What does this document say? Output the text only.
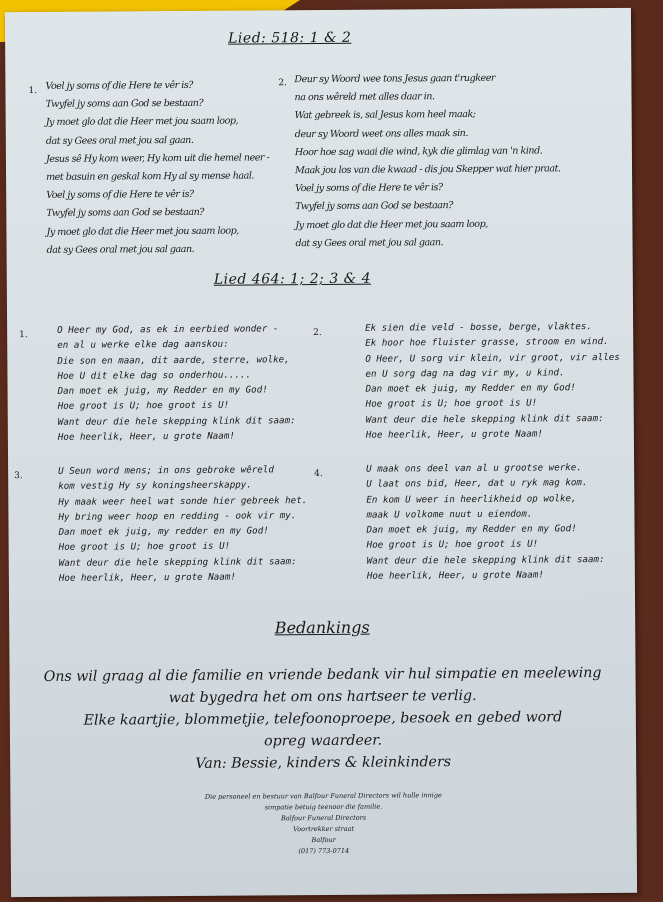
Lied: 518: 1 & 2
1. Voel jy soms of die Here te vêr is?
Twyfel jy soms aan God se bestaan?
Jy moet glo dat die Heer met jou saam loop,
dat sy Gees oral met jou sal gaan.
Jesus sê Hy kom weer, Hy kom uit die hemel neer -
met basuin en geskal kom Hy al sy mense haal.
Voel jy soms of die Here te vêr is?
Twyfel jy soms aan God se bestaan?
Jy moet glo dat die Heer met jou saam loop,
dat sy Gees oral met jou sal gaan.
2. Deur sy Woord wee tons Jesus gaan t'rugkeer
na ons wêreld met alles daar in.
Wat gebreek is, sal Jesus kom heel maak;
deur sy Woord weet ons alles maak sin.
Hoor hoe sag waai die wind, kyk die glimlag van 'n kind.
Maak jou los van die kwaad - dis jou Skepper wat hier praat.
Voel jy soms of die Here te vêr is?
Twyfel jy soms aan God se bestaan?
Jy moet glo dat die Heer met jou saam loop,
dat sy Gees oral met jou sal gaan.
Lied 464: 1; 2; 3 & 4
1.	O Heer my God, as ek in eerbied wonder -
en al u werke elke dag aanskou:
Die son en maan, dit aarde, sterre, wolke,
Hoe U dit elke dag so onderhou.....
Dan moet ek juig, my Redder en my God!
Hoe groot is U; hoe groot is U!
Want deur die hele skepping klink dit saam:
Hoe heerlik, Heer, u grote Naam!
2.	Ek sien die veld - bosse, berge, vlaktes.
Ek hoor hoe fluister grasse, stroom en wind.
O Heer, U sorg vir klein, vir groot, vir alles
en U sorg dag na dag vir my, u kind.
Dan moet ek juig, my Redder en my God!
Hoe groot is U; hoe groot is U!
Want deur die hele skepping klink dit saam:
Hoe heerlik, Heer, u grote Naam!
3.	U Seun word mens; in ons gebroke wêreld
kom vestig Hy sy koningsheerskappy.
Hy maak weer heel wat sonde hier gebreek het.
Hy bring weer hoop en redding - ook vir my.
Dan moet ek juig, my redder en my God!
Hoe groot is U; hoe groot is U!
Want deur die hele skepping klink dit saam:
Hoe heerlik, Heer, u grote Naam!
4.	U maak ons deel van al u grootse werke.
U laat ons bid, Heer, dat u ryk mag kom.
En kom U weer in heerlikheid op wolke,
maak U volkome nuut u eiendom.
Dan moet ek juig, my Redder en my God!
Hoe groot is U; hoe groot is U!
Want deur die hele skepping klink dit saam:
Hoe heerlik, Heer, u grote Naam!
Bedankings
Ons wil graag al die familie en vriende bedank vir hul simpatie en meelewing
wat bygedra het om ons hartseer te verlig.
Elke kaartjie, blommetjie, telefoonoproepe, besoek en gebed word
opreg waardeer.
Van: Bessie, kinders & kleinkinders
Die personeel en bestuur van Balfour Funeral Directors wil hulle innige
simpatie betuig teenoor die familie.
Balfour Funeral Directors
Voortrekker straat
Balfour
(017) 773-0714
